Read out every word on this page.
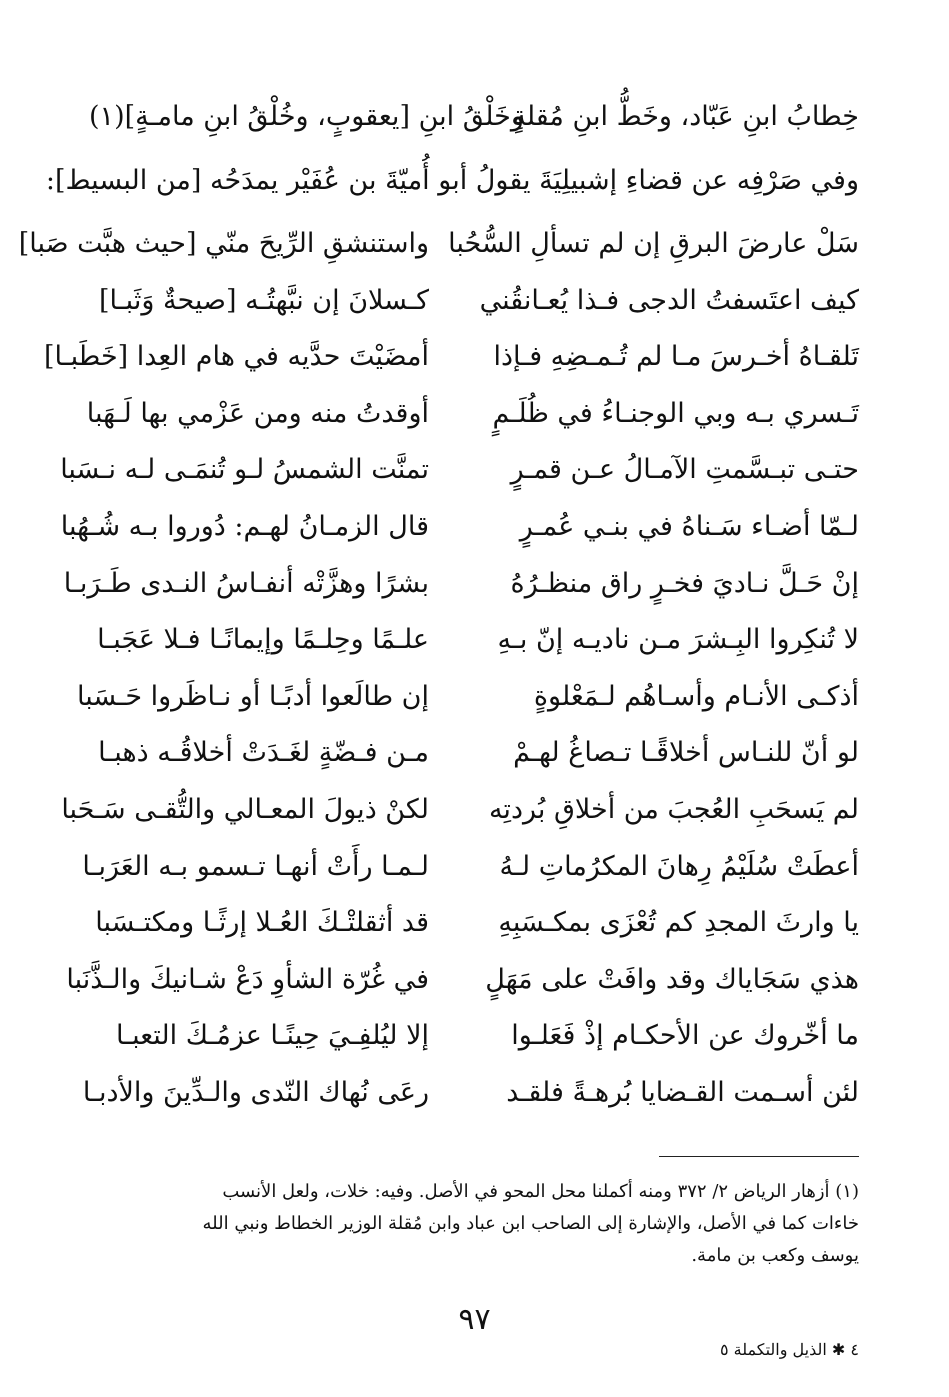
خِطابُ ابنِ عَبّاد، وخَطُّ ابنِ مُقلةٍ
وخَلْقُ ابنِ [يعقوبٍ، وخُلْقُ ابنِ مامـةٍ](١)
وفي صَرْفِه عن قضاءِ إشبيلِيَةَ يقولُ أبو أُميّةَ بن عُفَيْر يمدَحُه [من البسيط]:
سَلْ عارضَ البرقِ إن لم تسألِ السُّحُبا
واستنشقِ الرِّيحَ منّي [حيث هبَّت صَبا]
كيف اعتَسفتُ الدجى فـذا يُعـانقُني
كـسلانَ إن نبَّهتُـه [صيحةٌ وَثَبـا]
تَلقـاهُ أخـرسَ مـا لم تُـمـضِهِ فـإذا
أمضَيْتَ حدَّيه في هام العِدا [خَطَبـا]
تَـسري بـه وبي الوجنـاءُ في ظُلَـمٍ
أوقدتُ منه ومن عَزْمي بها لَـهَبا
حتـى تبـسَّمتِ الآمـالُ عـن قمـرٍ
تمنَّت الشمسُ لـو تُنمَـى لـه نـسَبا
لـمّا أضـاء سَـناهُ في بنـي عُمـرٍ
قال الزمـانُ لهـم: دُوروا بـه شُـهُبا
إنْ حَـلَّ نـاديَ فخـرٍ راق منظـرُهُ
بشرًا وهزَّتْه أنفـاسُ النـدى طَـرَبـا
لا تُنكِروا البِـشرَ مـن ناديـه إنّ بـهِ
علـمًا وحِلـمًا وإيمانًـا فـلا عَجَبـا
أذكـى الأنـام وأسـاهُم لـمَعْلوةٍ
إن طالَعوا أدبًـا أو نـاظَروا حَـسَبا
لو أنّ للنـاس أخلاقًـا تـصاغُ لهـمْ
مـن فـضّةٍ لغَـدَتْ أخلاقُـه ذهبـا
لم يَسحَبِ العُجبَ من أخلاقِ بُردتِه
لكنْ ذيولَ المعـالي والتُّقـى سَـحَبا
أعطَتْ سُلَيْمُ رِهانَ المكرُماتِ لـهُ
لـمـا رأَتْ أنهـا تـسمو بـه العَرَبـا
يا وارثَ المجدِ كم تُعْزَى بمكـسَبِهِ
قد أثقلتْـكَ العُـلا إرثًـا ومكتـسَبا
هذي سَجَاياك وقد وافَتْ على مَهَلٍ
في غُرّة الشأوِ دَعْ شـانيكَ والـذَّنَبا
ما أخّروك عن الأحكـام إذْ فَعَلـوا
إلا ليُلفِـيَ حِينًـا عزمُـكَ التعبـا
لئن أسـمت القـضايا بُرهـةً فلقـد
رعَى نُهاك النّدى والـدِّينَ والأدبـا

(١) أزهار الرياض ٢/ ٣٧٢ ومنه أكملنا محل المحو في الأصل. وفيه: خلات، ولعل الأنسب

خاءات كما في الأصل، والإشارة إلى الصاحب ابن عباد وابن مُقلة الوزير الخطاط ونبي الله

يوسف وكعب بن مامة.

٩٧
٤ ✱ الذيل والتكملة ٥
